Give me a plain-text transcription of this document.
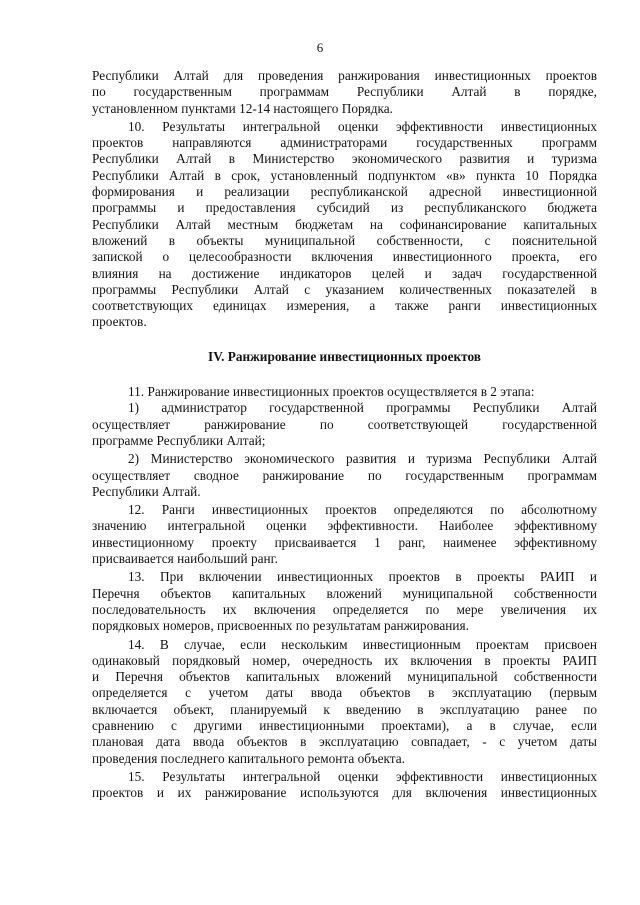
6

Республики Алтай для проведения ранжирования инвестиционных проектов

по государственным программам Республики Алтай в порядке,

установленном пунктами 12-14 настоящего Порядка.

10. Результаты интегральной оценки эффективности инвестиционных

проектов направляются администраторами государственных программ

Республики Алтай в Министерство экономического развития и туризма

Республики Алтай в срок, установленный подпунктом «в» пункта 10 Порядка

формирования и реализации республиканской адресной инвестиционной

программы и предоставления субсидий из республиканского бюджета

Республики Алтай местным бюджетам на софинансирование капитальных

вложений в объекты муниципальной собственности, с пояснительной

запиской о целесообразности включения инвестиционного проекта, его

влияния на достижение индикаторов целей и задач государственной

программы Республики Алтай с указанием количественных показателей в

соответствующих единицах измерения, а также ранги инвестиционных

проектов.

IV. Ранжирование инвестиционных проектов

11. Ранжирование инвестиционных проектов осуществляется в 2 этапа:

1) администратор государственной программы Республики Алтай

осуществляет ранжирование по соответствующей государственной

программе Республики Алтай;

2) Министерство экономического развития и туризма Республики Алтай

осуществляет сводное ранжирование по государственным программам

Республики Алтай.

12. Ранги инвестиционных проектов определяются по абсолютному

значению интегральной оценки эффективности. Наиболее эффективному

инвестиционному проекту присваивается 1 ранг, наименее эффективному

присваивается наибольший ранг.

13. При включении инвестиционных проектов в проекты РАИП и

Перечня объектов капитальных вложений муниципальной собственности

последовательность их включения определяется по мере увеличения их

порядковых номеров, присвоенных по результатам ранжирования.

14. В случае, если нескольким инвестиционным проектам присвоен

одинаковый порядковый номер, очередность их включения в проекты РАИП

и Перечня объектов капитальных вложений муниципальной собственности

определяется с учетом даты ввода объектов в эксплуатацию (первым

включается объект, планируемый к введению в эксплуатацию ранее по

сравнению с другими инвестиционными проектами), а в случае, если

плановая дата ввода объектов в эксплуатацию совпадает, - с учетом даты

проведения последнего капитального ремонта объекта.

15. Результаты интегральной оценки эффективности инвестиционных

проектов и их ранжирование используются для включения инвестиционных
